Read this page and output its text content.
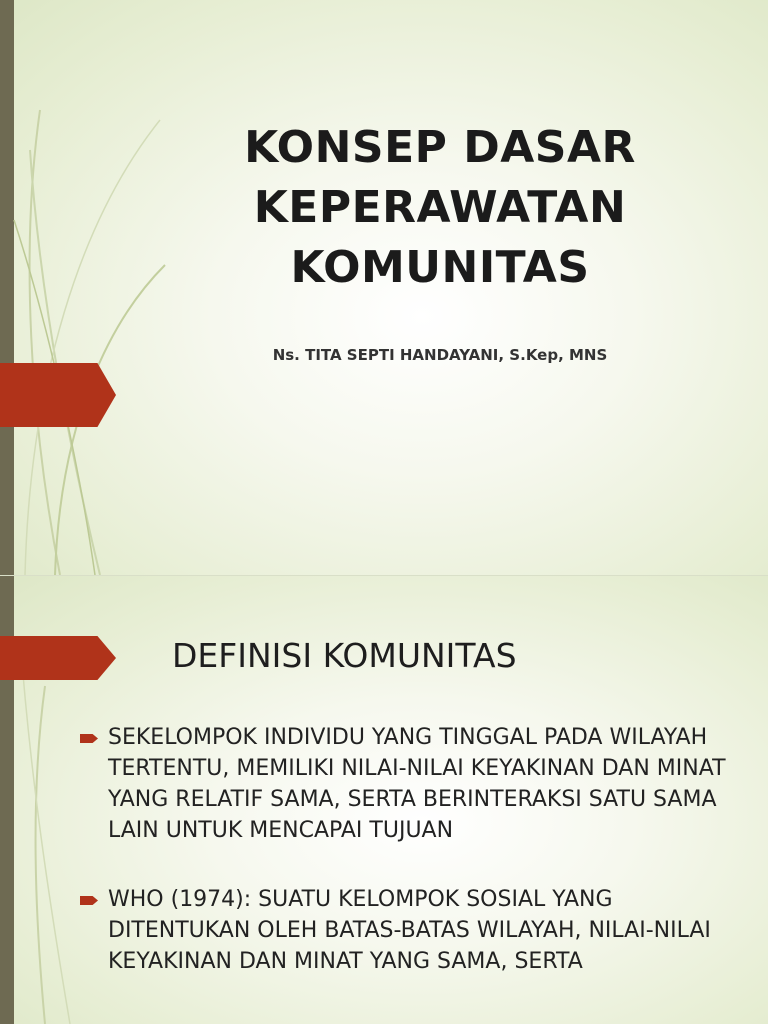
KONSEP DASAR
KEPERAWATAN
KOMUNITAS
Ns. TITA SEPTI HANDAYANI, S.Kep, MNS
DEFINISI KOMUNITAS
SEKELOMPOK INDIVIDU YANG TINGGAL PADA WILAYAH TERTENTU, MEMILIKI NILAI-NILAI KEYAKINAN DAN MINAT YANG RELATIF SAMA, SERTA BERINTERAKSI SATU SAMA LAIN UNTUK MENCAPAI TUJUAN
WHO (1974): SUATU KELOMPOK SOSIAL YANG DITENTUKAN OLEH BATAS-BATAS WILAYAH, NILAI-NILAI KEYAKINAN DAN MINAT YANG SAMA, SERTA
